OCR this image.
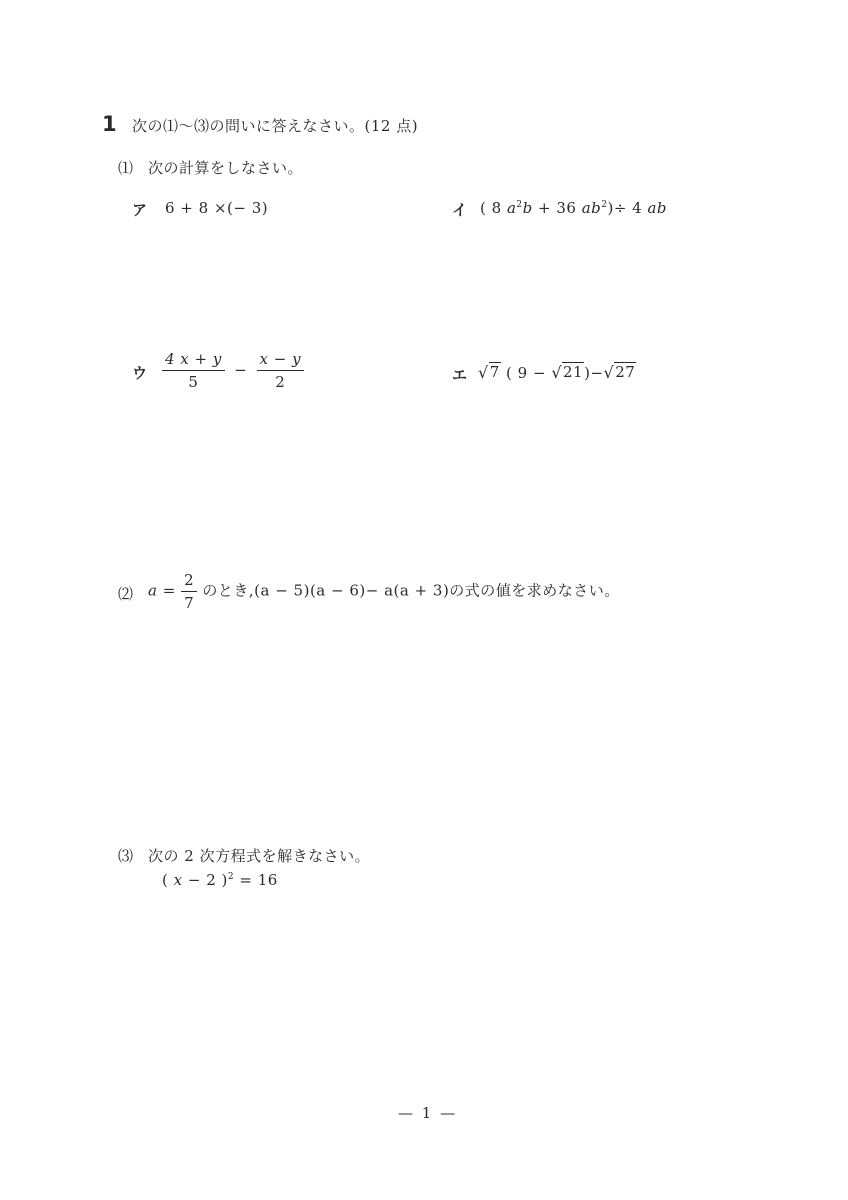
1 次の⑴〜⑶の問いに答えなさい。(12 点)
⑴ 次の計算をしなさい。
ア 6 + 8 ×(− 3)	イ ( 8 $a^2b + 36$ $ab^2)\div 4$ ab
ウ $\frac{4 x + y}{5} - \frac{x - y}{2}$	エ √ 7 ( 9 − √ 21 )− √ 27
⑵ $a = \frac{2}{7}$ のとき,(a − 5)(a − 6)− a(a + 3)の式の値を求めなさい。
⑶ 次の 2 次方程式を解きなさい。
( x − 2 )$^2$ = 16
— 1 —
